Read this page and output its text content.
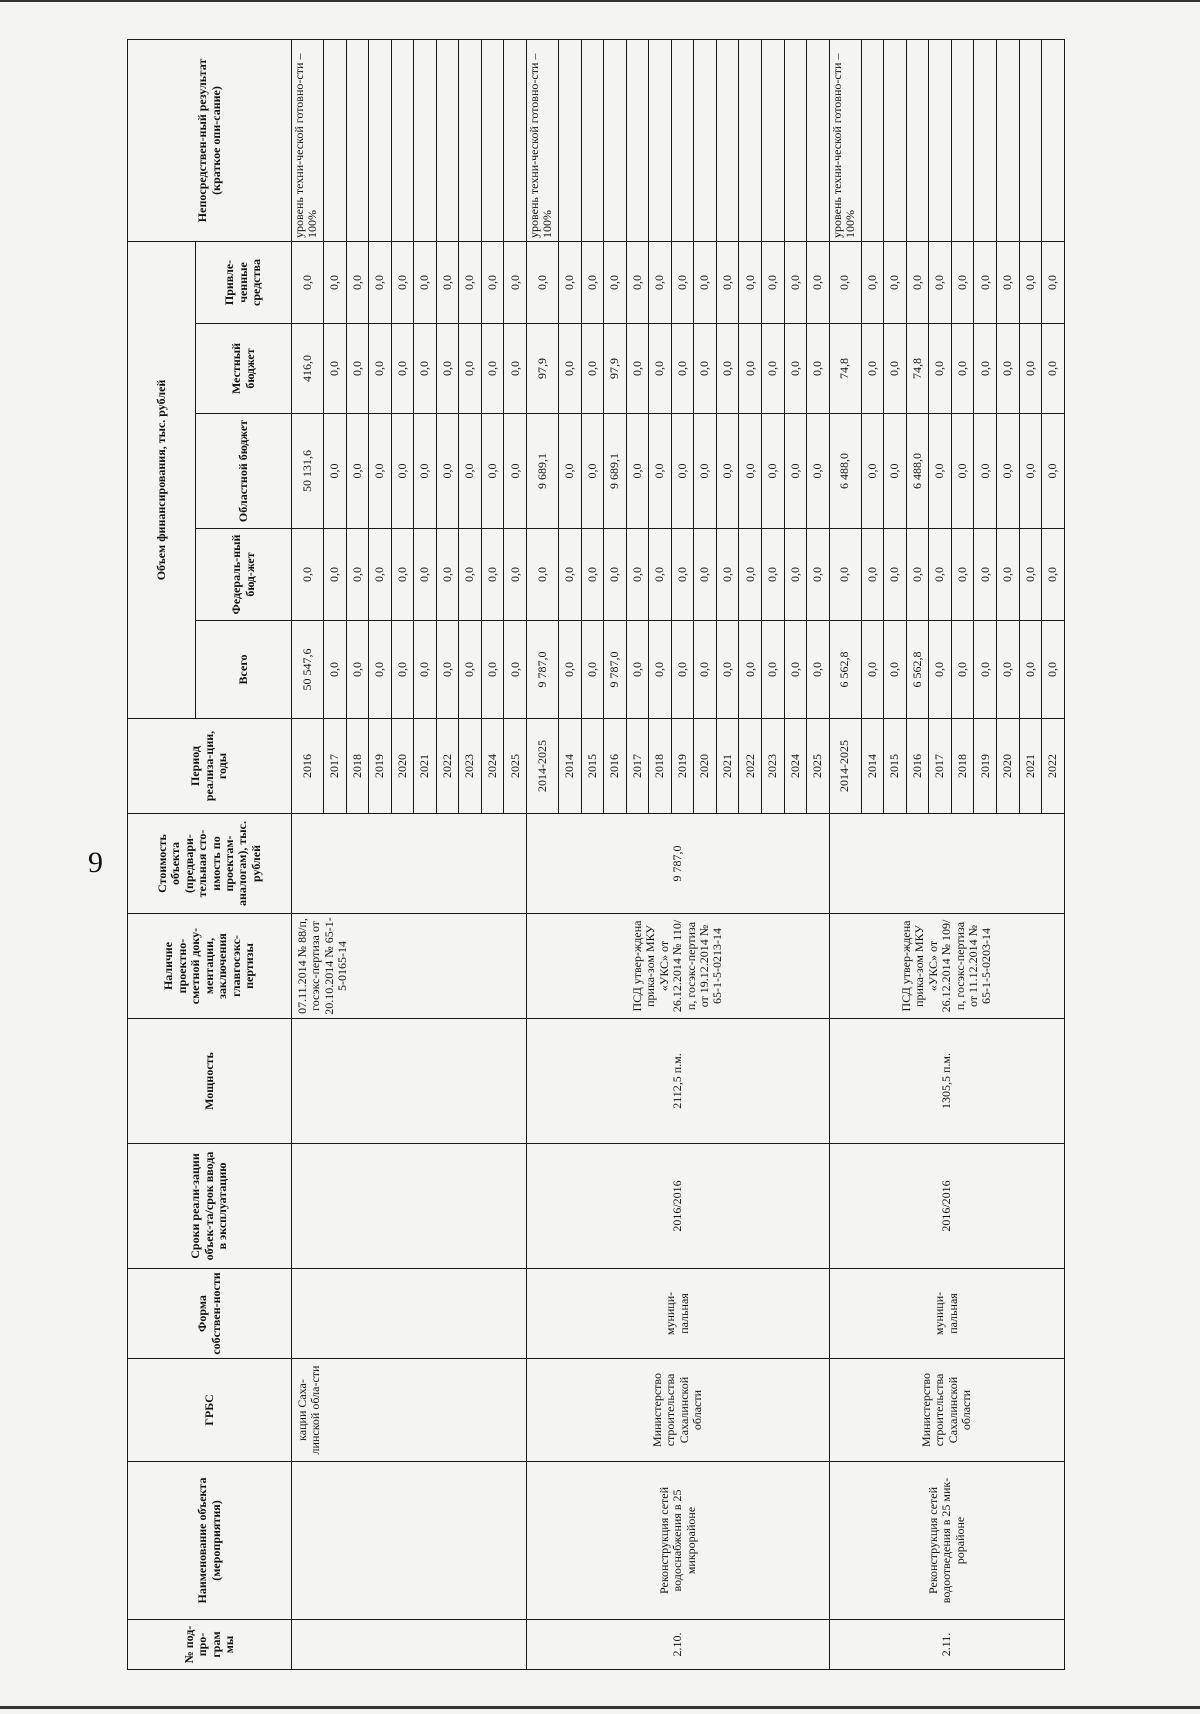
9
№ под-про-грам мы	Наименование объекта (мероприятия)	ГРБС	Форма собствен-ности	Сроки реали-зации объек-та/срок ввода в эксплуатацию	Мощность	Наличие проектно-сметной доку-ментации, заключения главгосэкс-пертизы	Стоимость объекта (предвари-тельная сто-имость по проектам-аналогам), тыс. рублей	Период реализа-ции, годы	Объем финансирования, тыс. рублей					Непосредствен-ный результат (краткое опи-сание)
									Всего	Федераль-ный бюд-жет	Областной бюджет	Местный бюджет	Привле-ченные средства	
		кации Саха-линской обла-сти				07.11.2014 № 88/п, госэкс-пертиза от 20.10.2014 № 65-1-5-0165-14		2016	50 547,6	0,0	50 131,6	416,0	0,0	уровень техни-ческой готовно-сти – 100%
								2017	0,0	0,0	0,0	0,0	0,0	
								2018	0,0	0,0	0,0	0,0	0,0	
								2019	0,0	0,0	0,0	0,0	0,0	
								2020	0,0	0,0	0,0	0,0	0,0	
								2021	0,0	0,0	0,0	0,0	0,0	
								2022	0,0	0,0	0,0	0,0	0,0	
								2023	0,0	0,0	0,0	0,0	0,0	
								2024	0,0	0,0	0,0	0,0	0,0	
								2025	0,0	0,0	0,0	0,0	0,0	
2.10.	Реконструкция сетей водоснабжения в 25 микрорайоне	Министерство строительства Сахалинской области	муници-пальная	2016/2016	2112,5 п.м.	ПСД утвер-ждена прика-зом МКУ «УКС» от 26.12.2014 № 110/п, госэкс-пертиза от 19.12.2014 № 65-1-5-0213-14	9 787,0	2014-2025	9 787,0	0,0	9 689,1	97,9	0,0	уровень техни-ческой готовно-сти – 100%
								2014	0,0	0,0	0,0	0,0	0,0	
								2015	0,0	0,0	0,0	0,0	0,0	
								2016	9 787,0	0,0	9 689,1	97,9	0,0	
								2017	0,0	0,0	0,0	0,0	0,0	
								2018	0,0	0,0	0,0	0,0	0,0	
								2019	0,0	0,0	0,0	0,0	0,0	
								2020	0,0	0,0	0,0	0,0	0,0	
								2021	0,0	0,0	0,0	0,0	0,0	
								2022	0,0	0,0	0,0	0,0	0,0	
								2023	0,0	0,0	0,0	0,0	0,0	
								2024	0,0	0,0	0,0	0,0	0,0	
								2025	0,0	0,0	0,0	0,0	0,0	
2.11.	Реконструкция сетей водоотведения в 25 мик-рорайоне	Министерство строительства Сахалинской области	муници-пальная	2016/2016	1305,5 п.м.	ПСД утвер-ждена прика-зом МКУ «УКС» от 26.12.2014 № 109/п, госэкс-пертиза от 11.12.2014 № 65-1-5-0203-14		2014-2025	6 562,8	0,0	6 488,0	74,8	0,0	уровень техни-ческой готовно-сти – 100%
								2014	0,0	0,0	0,0	0,0	0,0	
								2015	0,0	0,0	0,0	0,0	0,0	
								2016	6 562,8	0,0	6 488,0	74,8	0,0	
								2017	0,0	0,0	0,0	0,0	0,0	
								2018	0,0	0,0	0,0	0,0	0,0	
								2019	0,0	0,0	0,0	0,0	0,0	
								2020	0,0	0,0	0,0	0,0	0,0	
								2021	0,0	0,0	0,0	0,0	0,0	
								2022	0,0	0,0	0,0	0,0	0,0	
